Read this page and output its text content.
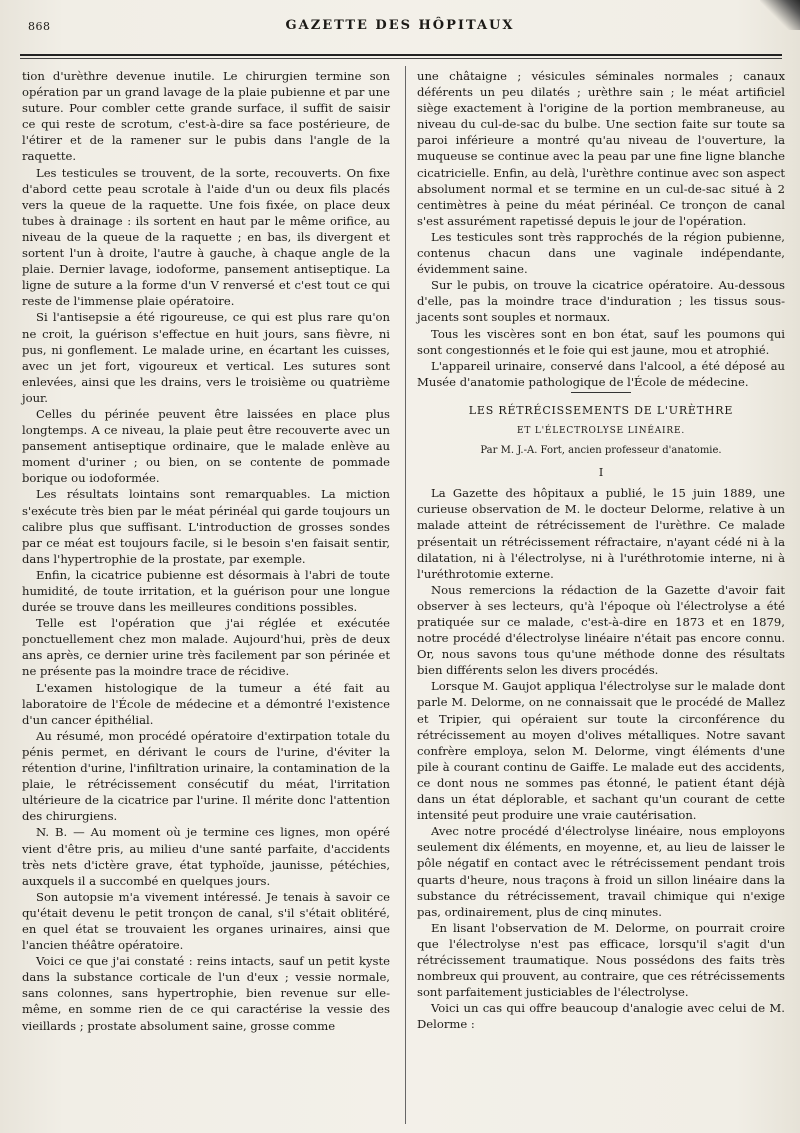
868	GAZETTE DES HÔPITAUX

tion d'urèthre devenue inutile. Le chirurgien termine son opération par un grand lavage de la plaie pubienne et par une suture. Pour combler cette grande surface, il suffit de saisir ce qui reste de scrotum, c'est-à-dire sa face postérieure, de l'étirer et de la ramener sur le pubis dans l'angle de la raquette.

Les testicules se trouvent, de la sorte, recouverts. On fixe d'abord cette peau scrotale à l'aide d'un ou deux fils placés vers la queue de la raquette. Une fois fixée, on place deux tubes à drainage : ils sortent en haut par le même orifice, au niveau de la queue de la raquette ; en bas, ils divergent et sortent l'un à droite, l'autre à gauche, à chaque angle de la plaie. Dernier lavage, iodoforme, pansement antiseptique. La ligne de suture a la forme d'un V renversé et c'est tout ce qui reste de l'immense plaie opératoire.

Si l'antisepsie a été rigoureuse, ce qui est plus rare qu'on ne croit, la guérison s'effectue en huit jours, sans fièvre, ni pus, ni gonflement. Le malade urine, en écartant les cuisses, avec un jet fort, vigoureux et vertical. Les sutures sont enlevées, ainsi que les drains, vers le troisième ou quatrième jour.

Celles du périnée peuvent être laissées en place plus longtemps. A ce niveau, la plaie peut être recouverte avec un pansement antiseptique ordinaire, que le malade enlève au moment d'uriner ; ou bien, on se contente de pommade borique ou iodoformée.

Les résultats lointains sont remarquables. La miction s'exécute très bien par le méat périnéal qui garde toujours un calibre plus que suffisant. L'introduction de grosses sondes par ce méat est toujours facile, si le besoin s'en faisait sentir, dans l'hypertrophie de la prostate, par exemple.

Enfin, la cicatrice pubienne est désormais à l'abri de toute humidité, de toute irritation, et la guérison pour une longue durée se trouve dans les meilleures conditions possibles.

Telle est l'opération que j'ai réglée et exécutée ponctuellement chez mon malade. Aujourd'hui, près de deux ans après, ce dernier urine très facilement par son périnée et ne présente pas la moindre trace de récidive.

L'examen histologique de la tumeur a été fait au laboratoire de l'École de médecine et a démontré l'existence d'un cancer épithélial.

Au résumé, mon procédé opératoire d'extirpation totale du pénis permet, en dérivant le cours de l'urine, d'éviter la rétention d'urine, l'infiltration urinaire, la contamination de la plaie, le rétrécissement consécutif du méat, l'irritation ultérieure de la cicatrice par l'urine. Il mérite donc l'attention des chirurgiens.

N. B. — Au moment où je termine ces lignes, mon opéré vient d'être pris, au milieu d'une santé parfaite, d'accidents très nets d'ictère grave, état typhoïde, jaunisse, pétéchies, auxquels il a succombé en quelques jours.

Son autopsie m'a vivement intéressé. Je tenais à savoir ce qu'était devenu le petit tronçon de canal, s'il s'était oblitéré, en quel état se trouvaient les organes urinaires, ainsi que l'ancien théâtre opératoire.

Voici ce que j'ai constaté : reins intacts, sauf un petit kyste dans la substance corticale de l'un d'eux ; vessie normale, sans colonnes, sans hypertrophie, bien revenue sur elle-même, en somme rien de ce qui caractérise la vessie des vieillards ; prostate absolument saine, grosse comme

une châtaigne ; vésicules séminales normales ; canaux déférents un peu dilatés ; urèthre sain ; le méat artificiel siège exactement à l'origine de la portion membraneuse, au niveau du cul-de-sac du bulbe. Une section faite sur toute sa paroi inférieure a montré qu'au niveau de l'ouverture, la muqueuse se continue avec la peau par une fine ligne blanche cicatricielle. Enfin, au delà, l'urèthre continue avec son aspect absolument normal et se termine en un cul-de-sac situé à 2 centimètres à peine du méat périnéal. Ce tronçon de canal s'est assurément rapetissé depuis le jour de l'opération.

Les testicules sont très rapprochés de la région pubienne, contenus chacun dans une vaginale indépendante, évidemment saine.

Sur le pubis, on trouve la cicatrice opératoire. Au-dessous d'elle, pas la moindre trace d'induration ; les tissus sous-jacents sont souples et normaux.

Tous les viscères sont en bon état, sauf les poumons qui sont congestionnés et le foie qui est jaune, mou et atrophié.

L'appareil urinaire, conservé dans l'alcool, a été déposé au Musée d'anatomie pathologique de l'École de médecine.

LES RÉTRÉCISSEMENTS DE L'URÈTHRE
ET L'ÉLECTROLYSE LINÉAIRE.
Par M. J.-A. Fort, ancien professeur d'anatomie.
I

La Gazette des hôpitaux a publié, le 15 juin 1889, une curieuse observation de M. le docteur Delorme, relative à un malade atteint de rétrécissement de l'urèthre. Ce malade présentait un rétrécissement réfractaire, n'ayant cédé ni à la dilatation, ni à l'électrolyse, ni à l'uréthrotomie interne, ni à l'uréthrotomie externe.

Nous remercions la rédaction de la Gazette d'avoir fait observer à ses lecteurs, qu'à l'époque où l'électrolyse a été pratiquée sur ce malade, c'est-à-dire en 1873 et en 1879, notre procédé d'électrolyse linéaire n'était pas encore connu. Or, nous savons tous qu'une méthode donne des résultats bien différents selon les divers procédés.

Lorsque M. Gaujot appliqua l'électrolyse sur le malade dont parle M. Delorme, on ne connaissait que le procédé de Mallez et Tripier, qui opéraient sur toute la circonférence du rétrécissement au moyen d'olives métalliques. Notre savant confrère employa, selon M. Delorme, vingt éléments d'une pile à courant continu de Gaiffe. Le malade eut des accidents, ce dont nous ne sommes pas étonné, le patient étant déjà dans un état déplorable, et sachant qu'un courant de cette intensité peut produire une vraie cautérisation.

Avec notre procédé d'électrolyse linéaire, nous employons seulement dix éléments, en moyenne, et, au lieu de laisser le pôle négatif en contact avec le rétrécissement pendant trois quarts d'heure, nous traçons à froid un sillon linéaire dans la substance du rétrécissement, travail chimique qui n'exige pas, ordinairement, plus de cinq minutes.

En lisant l'observation de M. Delorme, on pourrait croire que l'électrolyse n'est pas efficace, lorsqu'il s'agit d'un rétrécissement traumatique. Nous possédons des faits très nombreux qui prouvent, au contraire, que ces rétrécissements sont parfaitement justiciables de l'électrolyse.

Voici un cas qui offre beaucoup d'analogie avec celui de M. Delorme :
